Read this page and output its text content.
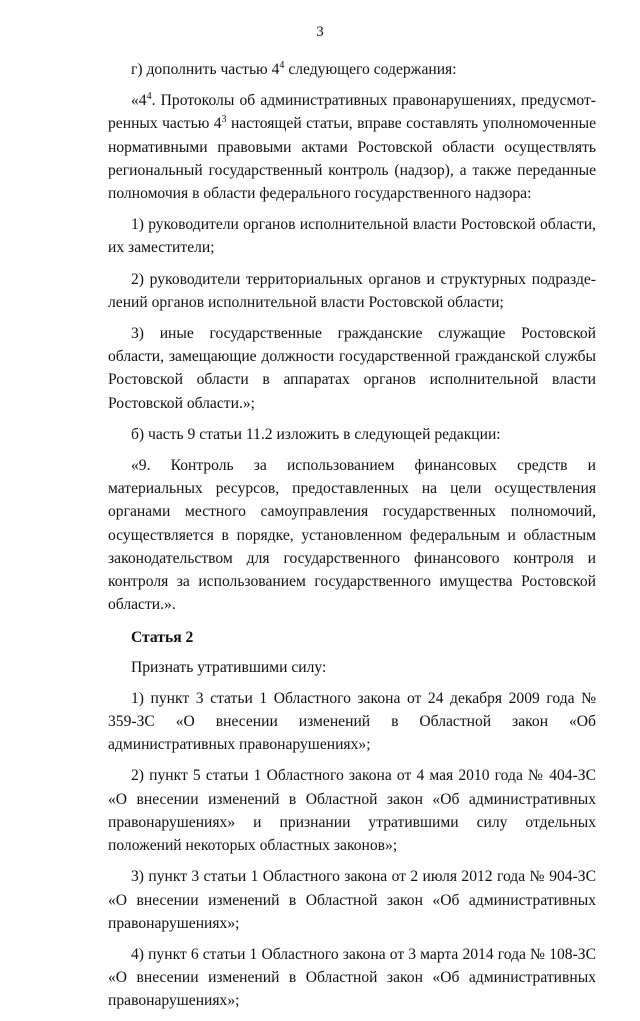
3

г) дополнить частью $4^4$ следующего содержания:

«$4^4$. Протоколы об административных правонарушениях, предусмотренных частью $4^3$ настоящей статьи, вправе составлять уполномоченные нормативными правовыми актами Ростовской области осуществлять региональный государственный контроль (надзор), а также переданные полномочия в области федерального государственного надзора:

1) руководители органов исполнительной власти Ростовской области, их заместители;

2) руководители территориальных органов и структурных подразделений органов исполнительной власти Ростовской области;

3) иные государственные гражданские служащие Ростовской области, замещающие должности государственной гражданской службы Ростовской области в аппаратах органов исполнительной власти Ростовской области.»;

б) часть 9 статьи 11.2 изложить в следующей редакции:

«9. Контроль за использованием финансовых средств и материальных ресурсов, предоставленных на цели осуществления органами местного самоуправления государственных полномочий, осуществляется в порядке, установленном федеральным и областным законодательством для государственного финансового контроля и контроля за использованием государственного имущества Ростовской области.».

Статья 2

Признать утратившими силу:

1) пункт 3 статьи 1 Областного закона от 24 декабря 2009 года № 359-ЗС «О внесении изменений в Областной закон «Об административных правонарушениях»;

2) пункт 5 статьи 1 Областного закона от 4 мая 2010 года № 404-ЗС «О внесении изменений в Областной закон «Об административных правонарушениях» и признании утратившими силу отдельных положений некоторых областных законов»;

3) пункт 3 статьи 1 Областного закона от 2 июля 2012 года № 904-ЗС «О внесении изменений в Областной закон «Об административных правонарушениях»;

4) пункт 6 статьи 1 Областного закона от 3 марта 2014 года № 108-ЗС «О внесении изменений в Областной закон «Об административных правонарушениях»;
